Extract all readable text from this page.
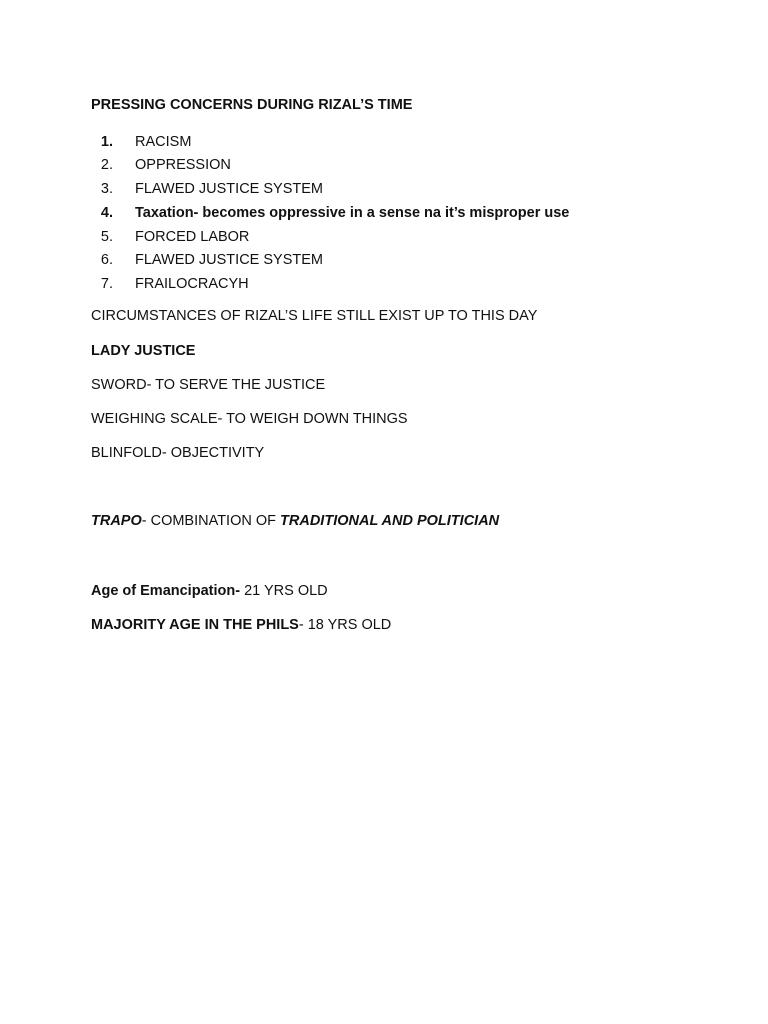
PRESSING CONCERNS DURING RIZAL’S TIME
1. RACISM
2. OPPRESSION
3. FLAWED JUSTICE SYSTEM
4. Taxation- becomes oppressive in a sense na it’s misproper use
5. FORCED LABOR
6. FLAWED JUSTICE SYSTEM
7. FRAILOCRACYH
CIRCUMSTANCES OF RIZAL’S LIFE STILL EXIST UP TO THIS DAY
LADY JUSTICE
SWORD- TO SERVE THE JUSTICE
WEIGHING SCALE- TO WEIGH DOWN THINGS
BLINFOLD- OBJECTIVITY
TRAPO- COMBINATION OF TRADITIONAL AND POLITICIAN
Age of Emancipation- 21 YRS OLD
MAJORITY AGE IN THE PHILS- 18 YRS OLD
